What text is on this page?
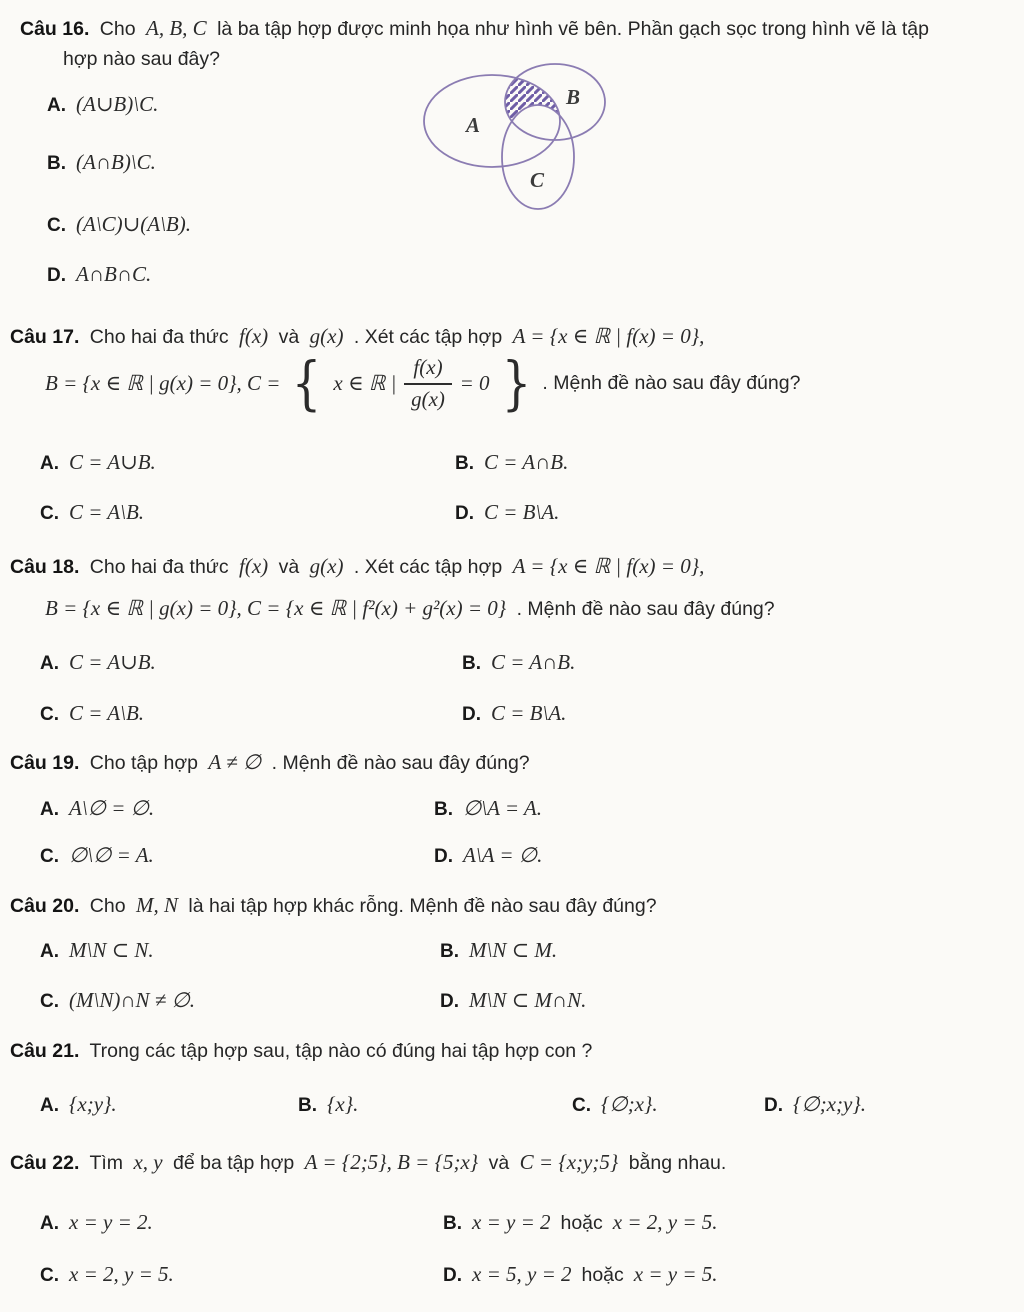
Câu 16. Cho A, B, C là ba tập hợp được minh họa như hình vẽ bên. Phần gạch sọc trong hình vẽ là tập
hợp nào sau đây?
A
B
C
A. (A∪B)\C.
B. (A∩B)\C.
C. (A\C)∪(A\B).
D. A∩B∩C.
Câu 17. Cho hai đa thức f(x) và g(x) . Xét các tập hợp A = {x ∈ ℝ | f(x) = 0},
B = {x ∈ ℝ | g(x) = 0}, C = { x ∈ ℝ | $\frac{f(x)}{g(x)} = 0$ } . Mệnh đề nào sau đây đúng?
A. C = A∪B.	B. C = A∩B.
C. C = A\B.	D. C = B\A.
Câu 18. Cho hai đa thức f(x) và g(x) . Xét các tập hợp A = {x ∈ ℝ | f(x) = 0},
B = {x ∈ ℝ | g(x) = 0}, C = {x ∈ ℝ | f²(x) + g²(x) = 0} . Mệnh đề nào sau đây đúng?
A. C = A∪B.	B. C = A∩B.
C. C = A\B.	D. C = B\A.
Câu 19. Cho tập hợp A ≠ ∅ . Mệnh đề nào sau đây đúng?
A. A\∅ = ∅.	B. ∅\A = A.
C. ∅\∅ = A.	D. A\A = ∅.
Câu 20. Cho M, N là hai tập hợp khác rỗng. Mệnh đề nào sau đây đúng?
A. M\N ⊂ N.	B. M\N ⊂ M.
C. (M\N)∩N ≠ ∅.	D. M\N ⊂ M∩N.
Câu 21. Trong các tập hợp sau, tập nào có đúng hai tập hợp con ?
A. {x;y}.	B. {x}.	C. {∅;x}.	D. {∅;x;y}.
Câu 22. Tìm x, y để ba tập hợp A = {2;5}, B = {5;x} và C = {x;y;5} bằng nhau.
A. x = y = 2.	B. x = y = 2 hoặc x = 2, y = 5.
C. x = 2, y = 5.	D. x = 5, y = 2 hoặc x = y = 5.
